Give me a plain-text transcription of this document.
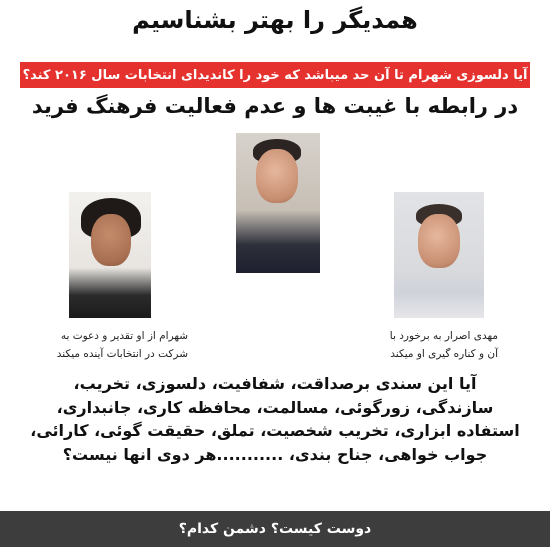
همدیگر را بهتر بشناسیم
آیا دلسوزی شهرام تا آن حد میباشد که خود را کاندیدای انتخابات سال ۲۰۱۶ کند؟
در رابطه با غیبت ها و عدم فعالیت فرهنگ فرید
شهرام از او تقدیر و دعوت به
شرکت در انتخابات آینده میکند
مهدی اصرار به برخورد با
آن و کناره گیری او میکند
آیا این سندی برصداقت، شفافیت، دلسوزی، تخریب،
سازندگی، زورگوئی، مسالمت، محافظه کاری، جانبداری،
استفاده ابزاری، تخریب شخصیت، تملق، حقیقت گوئی، کارائی،
جواب خواهی، جناح بندی، ...........هر دوی انها نیست؟
دوست کیست؟ دشمن کدام؟
